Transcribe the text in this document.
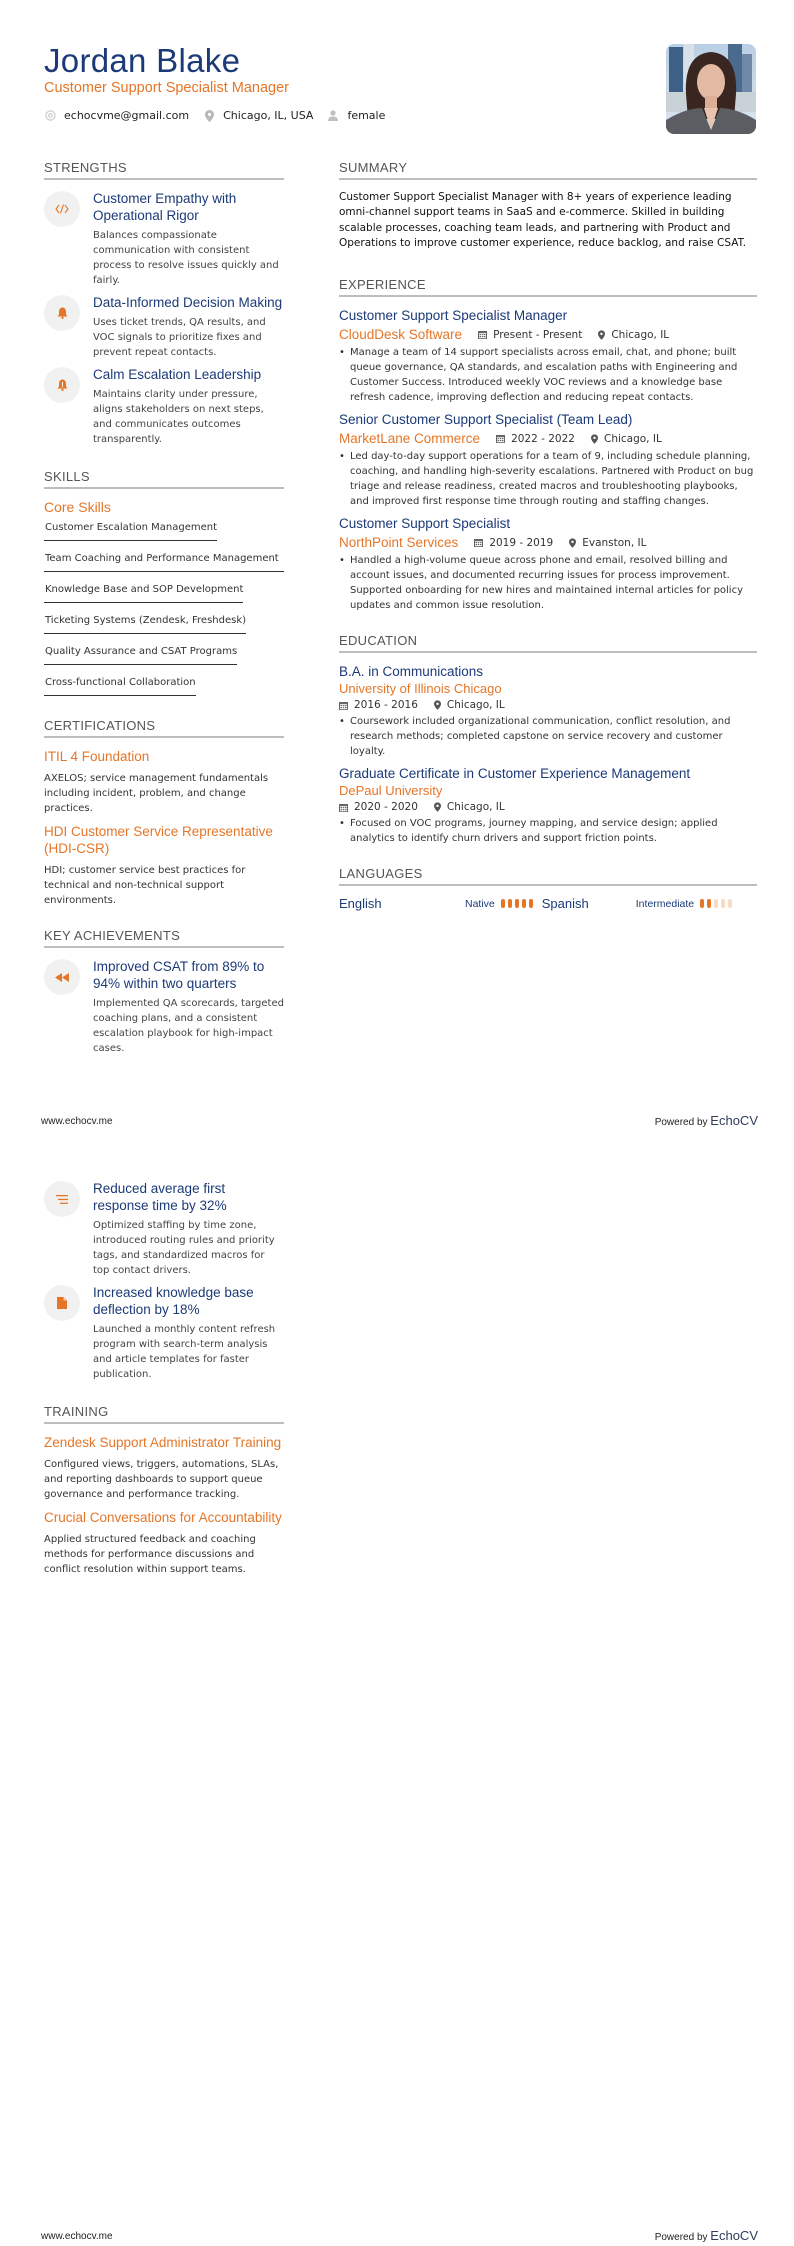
Jordan Blake
Customer Support Specialist Manager
echocvme@gmail.com	Chicago, IL, USA	female
STRENGTHS
Customer Empathy with Operational Rigor
Balances compassionate communication with consistent process to resolve issues quickly and fairly.
Data-Informed Decision Making
Uses ticket trends, QA results, and VOC signals to prioritize fixes and prevent repeat contacts.
Calm Escalation Leadership
Maintains clarity under pressure, aligns stakeholders on next steps, and communicates outcomes transparently.
SKILLS
Core Skills
Customer Escalation Management
Team Coaching and Performance Management
Knowledge Base and SOP Development
Ticketing Systems (Zendesk, Freshdesk)
Quality Assurance and CSAT Programs
Cross-functional Collaboration
CERTIFICATIONS
ITIL 4 Foundation
AXELOS; service management fundamentals including incident, problem, and change practices.
HDI Customer Service Representative (HDI-CSR)
HDI; customer service best practices for technical and non-technical support environments.
KEY ACHIEVEMENTS
Improved CSAT from 89% to 94% within two quarters
Implemented QA scorecards, targeted coaching plans, and a consistent escalation playbook for high-impact cases.
SUMMARY
Customer Support Specialist Manager with 8+ years of experience leading omni-channel support teams in SaaS and e-commerce. Skilled in building scalable processes, coaching team leads, and partnering with Product and Operations to improve customer experience, reduce backlog, and raise CSAT.
EXPERIENCE
Customer Support Specialist Manager
CloudDesk Software	Present - Present	Chicago, IL
• Manage a team of 14 support specialists across email, chat, and phone; built queue governance, QA standards, and escalation paths with Engineering and Customer Success. Introduced weekly VOC reviews and a knowledge base refresh cadence, improving deflection and reducing repeat contacts.
Senior Customer Support Specialist (Team Lead)
MarketLane Commerce	2022 - 2022	Chicago, IL
• Led day-to-day support operations for a team of 9, including schedule planning, coaching, and handling high-severity escalations. Partnered with Product on bug triage and release readiness, created macros and troubleshooting playbooks, and improved first response time through routing and staffing changes.
Customer Support Specialist
NorthPoint Services	2019 - 2019	Evanston, IL
• Handled a high-volume queue across phone and email, resolved billing and account issues, and documented recurring issues for process improvement. Supported onboarding for new hires and maintained internal articles for policy updates and common issue resolution.
EDUCATION
B.A. in Communications
University of Illinois Chicago
2016 - 2016	Chicago, IL
• Coursework included organizational communication, conflict resolution, and research methods; completed capstone on service recovery and customer loyalty.
Graduate Certificate in Customer Experience Management
DePaul University
2020 - 2020	Chicago, IL
• Focused on VOC programs, journey mapping, and service design; applied analytics to identify churn drivers and support friction points.
LANGUAGES
English	Native	Spanish	Intermediate
www.echocv.me	Powered by EchoCV
Reduced average first response time by 32%
Optimized staffing by time zone, introduced routing rules and priority tags, and standardized macros for top contact drivers.
Increased knowledge base deflection by 18%
Launched a monthly content refresh program with search-term analysis and article templates for faster publication.
TRAINING
Zendesk Support Administrator Training
Configured views, triggers, automations, SLAs, and reporting dashboards to support queue governance and performance tracking.
Crucial Conversations for Accountability
Applied structured feedback and coaching methods for performance discussions and conflict resolution within support teams.
www.echocv.me	Powered by EchoCV
